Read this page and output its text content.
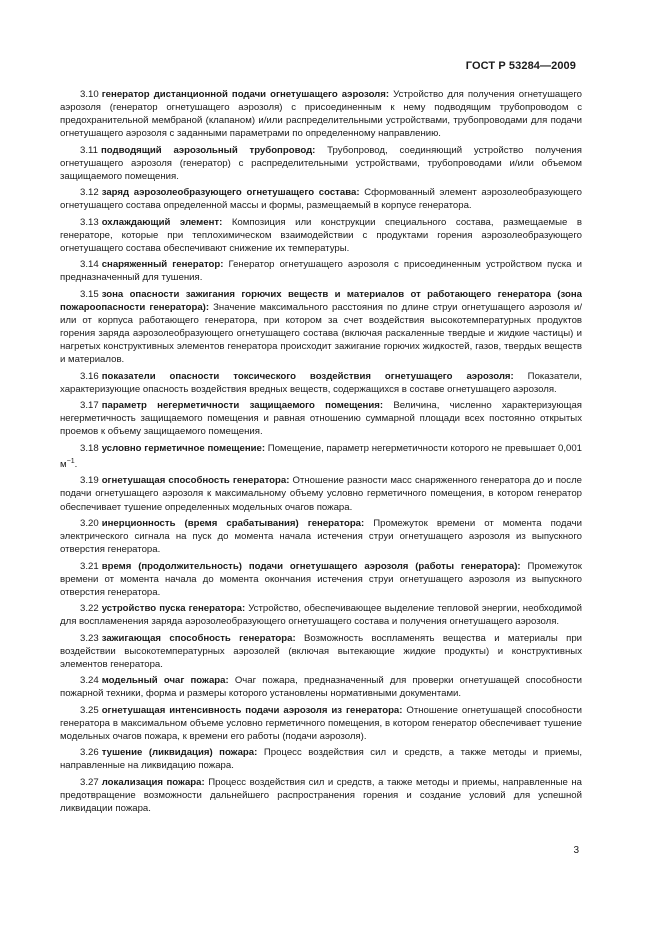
ГОСТ Р 53284—2009

3.10 генератор дистанционной подачи огнетушащего аэрозоля: Устройство для получения огнетушащего аэрозоля (генератор огнетушащего аэрозоля) с присоединенным к нему подводящим трубопроводом с предохранительной мембраной (клапаном) и/или распределительными устройствами, трубопроводами для подачи огнетушащего аэрозоля с заданными параметрами по определенному направлению.

3.11 подводящий аэрозольный трубопровод: Трубопровод, соединяющий устройство получения огнетушащего аэрозоля (генератор) с распределительными устройствами, трубопроводами и/или объемом защищаемого помещения.

3.12 заряд аэрозолеобразующего огнетушащего состава: Сформованный элемент аэрозолеобразующего огнетушащего состава определенной массы и формы, размещаемый в корпусе генератора.

3.13 охлаждающий элемент: Композиция или конструкции специального состава, размещаемые в генераторе, которые при теплохимическом взаимодействии с продуктами горения аэрозолеобразующего огнетушащего состава обеспечивают снижение их температуры.

3.14 снаряженный генератор: Генератор огнетушащего аэрозоля с присоединенным устройством пуска и предназначенный для тушения.

3.15 зона опасности зажигания горючих веществ и материалов от работающего генератора (зона пожароопасности генератора): Значение максимального расстояния по длине струи огнетушащего аэрозоля и/или от корпуса работающего генератора, при котором за счет воздействия высокотемпературных продуктов горения заряда аэрозолеобразующего огнетушащего состава (включая раскаленные твердые и жидкие частицы) и нагретых конструктивных элементов генератора происходит зажигание горючих жидкостей, газов, твердых веществ и материалов.

3.16 показатели опасности токсического воздействия огнетушащего аэрозоля: Показатели, характеризующие опасность воздействия вредных веществ, содержащихся в составе огнетушащего аэрозоля.

3.17 параметр негерметичности защищаемого помещения: Величина, численно характеризующая негерметичность защищаемого помещения и равная отношению суммарной площади всех постоянно открытых проемов к объему защищаемого помещения.

3.18 условно герметичное помещение: Помещение, параметр негерметичности которого не превышает 0,001 $м^{-1}$.

3.19 огнетушащая способность генератора: Отношение разности масс снаряженного генератора до и после подачи огнетушащего аэрозоля к максимальному объему условно герметичного помещения, в котором генератор обеспечивает тушение определенных модельных очагов пожара.

3.20 инерционность (время срабатывания) генератора: Промежуток времени от момента подачи электрического сигнала на пуск до момента начала истечения струи огнетушащего аэрозоля из выпускного отверстия генератора.

3.21 время (продолжительность) подачи огнетушащего аэрозоля (работы генератора): Промежуток времени от момента начала до момента окончания истечения струи огнетушащего аэрозоля из выпускного отверстия генератора.

3.22 устройство пуска генератора: Устройство, обеспечивающее выделение тепловой энергии, необходимой для воспламенения заряда аэрозолеобразующего огнетушащего состава и получения огнетушащего аэрозоля.

3.23 зажигающая способность генератора: Возможность воспламенять вещества и материалы при воздействии высокотемпературных аэрозолей (включая вытекающие жидкие продукты) и конструктивных элементов генератора.

3.24 модельный очаг пожара: Очаг пожара, предназначенный для проверки огнетушащей способности пожарной техники, форма и размеры которого установлены нормативными документами.

3.25 огнетушащая интенсивность подачи аэрозоля из генератора: Отношение огнетушащей способности генератора в максимальном объеме условно герметичного помещения, в котором генератор обеспечивает тушение модельных очагов пожара, к времени его работы (подачи аэрозоля).

3.26 тушение (ликвидация) пожара: Процесс воздействия сил и средств, а также методы и приемы, направленные на ликвидацию пожара.

3.27 локализация пожара: Процесс воздействия сил и средств, а также методы и приемы, направленные на предотвращение возможности дальнейшего распространения горения и создание условий для успешной ликвидации пожара.

3
